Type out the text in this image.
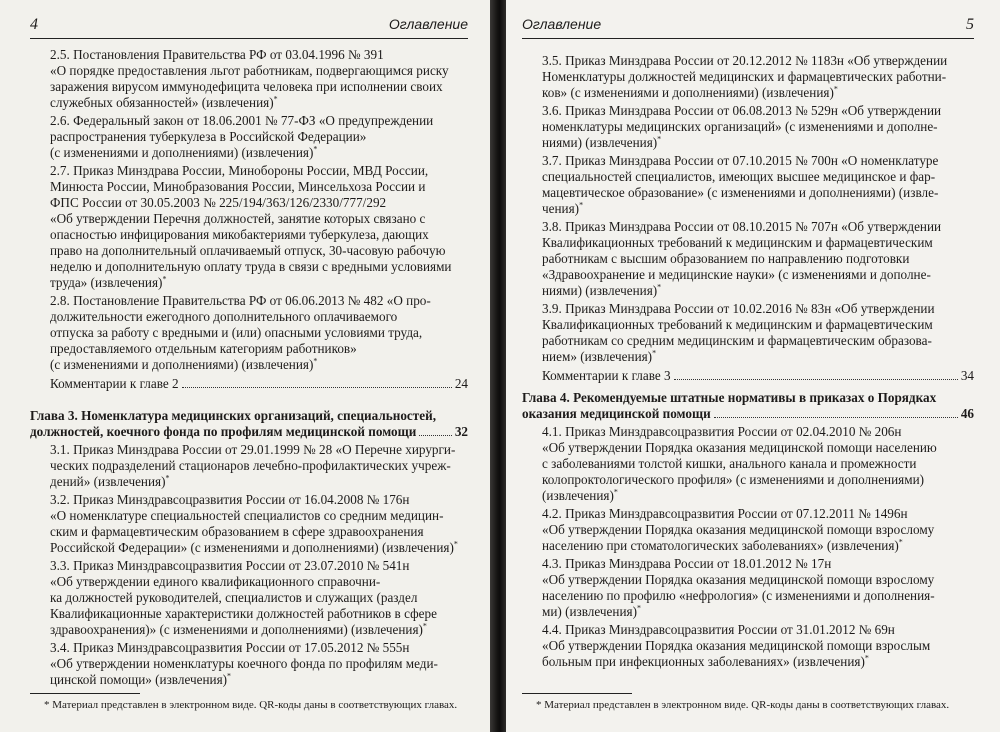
4	Оглавление

2.5. Постановления Правительства РФ от 03.04.1996 № 391

«О порядке предоставления льгот работникам, подвергающимся риску

заражения вирусом иммунодефицита человека при исполнении своих

служебных обязанностей» (извлечения)*

2.6. Федеральный закон от 18.06.2001 № 77-ФЗ «О предупреждении

распространения туберкулеза в Российской Федерации»

(с изменениями и дополнениями) (извлечения)*

2.7. Приказ Минздрава России, Минобороны России, МВД России,

Минюста России, Минобразования России, Минсельхоза России и

ФПС России от 30.05.2003 № 225/194/363/126/2330/777/292

«Об утверждении Перечня должностей, занятие которых связано с

опасностью инфицирования микобактериями туберкулеза, дающих

право на дополнительный оплачиваемый отпуск, 30-часовую рабочую

неделю и дополнительную оплату труда в связи с вредными условиями

труда» (извлечения)*

2.8. Постановление Правительства РФ от 06.06.2013 № 482 «О про-

должительности ежегодного дополнительного оплачиваемого

отпуска за работу с вредными и (или) опасными условиями труда,

предоставляемого отдельным категориям работников»

(с изменениями и дополнениями) (извлечения)*

Комментарии к главе 2	24

Глава 3. Номенклатура медицинских организаций, специальностей,

должностей, коечного фонда по профилям медицинской помощи	32

3.1. Приказ Минздрава России от 29.01.1999 № 28 «О Перечне хирурги-

ческих подразделений стационаров лечебно-профилактических учреж-

дений» (извлечения)*

3.2. Приказ Минздравсоцразвития России от 16.04.2008 № 176н

«О номенклатуре специальностей специалистов со средним медицин-

ским и фармацевтическим образованием в сфере здравоохранения

Российской Федерации» (с изменениями и дополнениями) (извлечения)*

3.3. Приказ Минздравсоцразвития России от 23.07.2010 № 541н

«Об утверждении единого квалификационного справочни-

ка должностей руководителей, специалистов и служащих (раздел

Квалификационные характеристики должностей работников в сфере

здравоохранения)» (с изменениями и дополнениями) (извлечения)*

3.4. Приказ Минздравсоцразвития России от 17.05.2012 № 555н

«Об утверждении номенклатуры коечного фонда по профилям меди-

цинской помощи» (извлечения)*

* Материал представлен в электронном виде. QR-коды даны в соответствующих главах.

Оглавление	5

3.5. Приказ Минздрава России от 20.12.2012 № 1183н «Об утверждении

Номенклатуры должностей медицинских и фармацевтических работни-

ков» (с изменениями и дополнениями) (извлечения)*

3.6. Приказ Минздрава России от 06.08.2013 № 529н «Об утверждении

номенклатуры медицинских организаций» (с изменениями и дополне-

ниями) (извлечения)*

3.7. Приказ Минздрава России от 07.10.2015 № 700н «О номенклатуре

специальностей специалистов, имеющих высшее медицинское и фар-

мацевтическое образование» (с изменениями и дополнениями) (извле-

чения)*

3.8. Приказ Минздрава России от 08.10.2015 № 707н «Об утверждении

Квалификационных требований к медицинским и фармацевтическим

работникам с высшим образованием по направлению подготовки

«Здравоохранение и медицинские науки» (с изменениями и дополне-

ниями) (извлечения)*

3.9. Приказ Минздрава России от 10.02.2016 № 83н «Об утверждении

Квалификационных требований к медицинским и фармацевтическим

работникам со средним медицинским и фармацевтическим образова-

нием» (извлечения)*

Комментарии к главе 3	34

Глава 4. Рекомендуемые штатные нормативы в приказах о Порядках

оказания медицинской помощи	46

4.1. Приказ Минздравсоцразвития России от 02.04.2010 № 206н

«Об утверждении Порядка оказания медицинской помощи населению

с заболеваниями толстой кишки, анального канала и промежности

колопроктологического профиля» (с изменениями и дополнениями)

(извлечения)*

4.2. Приказ Минздравсоцразвития России от 07.12.2011 № 1496н

«Об утверждении Порядка оказания медицинской помощи взрослому

населению при стоматологических заболеваниях» (извлечения)*

4.3. Приказ Минздрава России от 18.01.2012 № 17н

«Об утверждении Порядка оказания медицинской помощи взрослому

населению по профилю «нефрология» (с изменениями и дополнения-

ми) (извлечения)*

4.4. Приказ Минздравсоцразвития России от 31.01.2012 № 69н

«Об утверждении Порядка оказания медицинской помощи взрослым

больным при инфекционных заболеваниях» (извлечения)*

* Материал представлен в электронном виде. QR-коды даны в соответствующих главах.
